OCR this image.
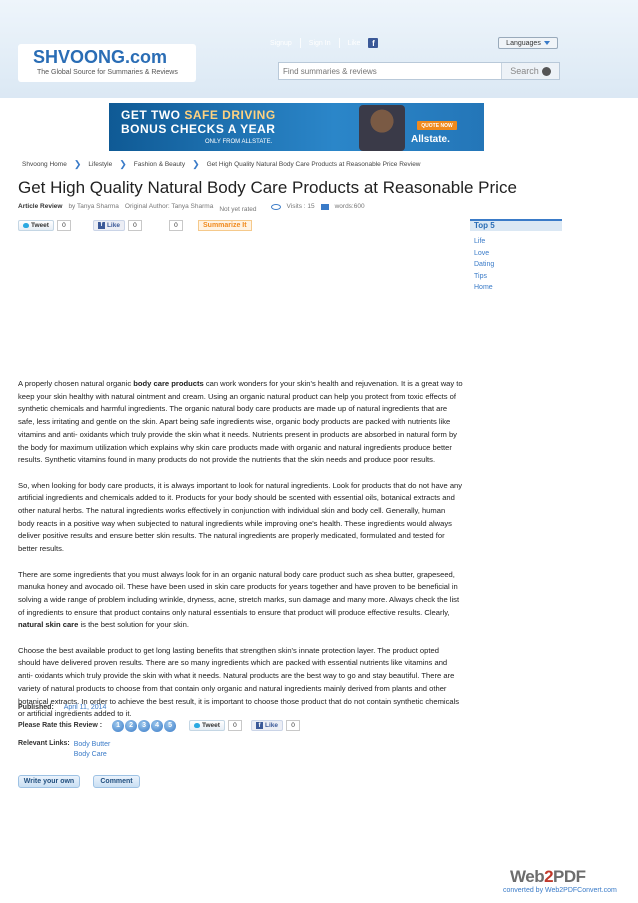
Signup Sign In Like	f	Languages
SHVOONG.com
The Global Source for Summaries & Reviews
Find summaries & reviews	Search
GET TWO SAFE DRIVING
BONUS CHECKS A YEAR
ONLY FROM ALLSTATE.
QUOTE NOW
Allstate.
Shvoong Home ❯ Lifestyle ❯ Fashion & Beauty ❯ Get High Quality Natural Body Care Products at Reasonable Price Review
Get High Quality Natural Body Care Products at Reasonable Price
Article Review by Tanya Sharma Original Author: Tanya Sharma Not yet rated	Visits : 15	words:600
Tweet	0	f Like	0	0	Summarize It	Top 5
Life
Love
Dating
Tips
Home

A properly chosen natural organic body care products can work wonders for your skin's health and rejuvenation. It is a great way to keep your skin healthy with natural ointment and cream. Using an organic natural product can help you protect from toxic effects of synthetic chemicals and harmful ingredients. The organic natural body care products are made up of natural ingredients that are safe, less irritating and gentle on the skin. Apart being safe ingredients wise, organic body products are packed with nutrients like vitamins and anti- oxidants which truly provide the skin what it needs. Nutrients present in products are absorbed in natural form by the body for maximum utilization which explains why skin care products made with organic and natural ingredients produce better results. Synthetic vitamins found in many products do not provide the nutrients that the skin needs and produce poor results.

So, when looking for body care products, it is always important to look for natural ingredients. Look for products that do not have any artificial ingredients and chemicals added to it. Products for your body should be scented with essential oils, botanical extracts and other natural herbs. The natural ingredients works effectively in conjunction with individual skin and body cell. Generally, human body reacts in a positive way when subjected to natural ingredients while improving one's health. These ingredients would always deliver positive results and ensure better skin results. The natural ingredients are properly medicated, formulated and tested for better results.

There are some ingredients that you must always look for in an organic natural body care product such as shea butter, grapeseed, manuka honey and avocado oil. These have been used in skin care products for years together and have proven to be beneficial in solving a wide range of problem including wrinkle, dryness, acne, stretch marks, sun damage and many more. Always check the list of ingredients to ensure that product contains only natural essentials to ensure that product will produce effective results. Clearly, natural skin care is the best solution for your skin.

Choose the best available product to get long lasting benefits that strengthen skin's innate protection layer. The product opted should have delivered proven results. There are so many ingredients which are packed with essential nutrients like vitamins and anti- oxidants which truly provide the skin with what it needs. Natural products are the best way to go and stay beautiful. There are variety of natural products to choose from that contain only organic and natural ingredients mainly derived from plants and other botanical extracts. In order to achieve the best result, it is important to choose those product that do not contain synthetic chemicals or artificial ingredients added to it.

Published: April 11, 2014
Please Rate this Review :	1	2	3	4	5	Tweet	0	f Like	0
Relevant Links: Body Butter
Body Care
Write your own	Comment
Web2PDF
converted by Web2PDFConvert.com
